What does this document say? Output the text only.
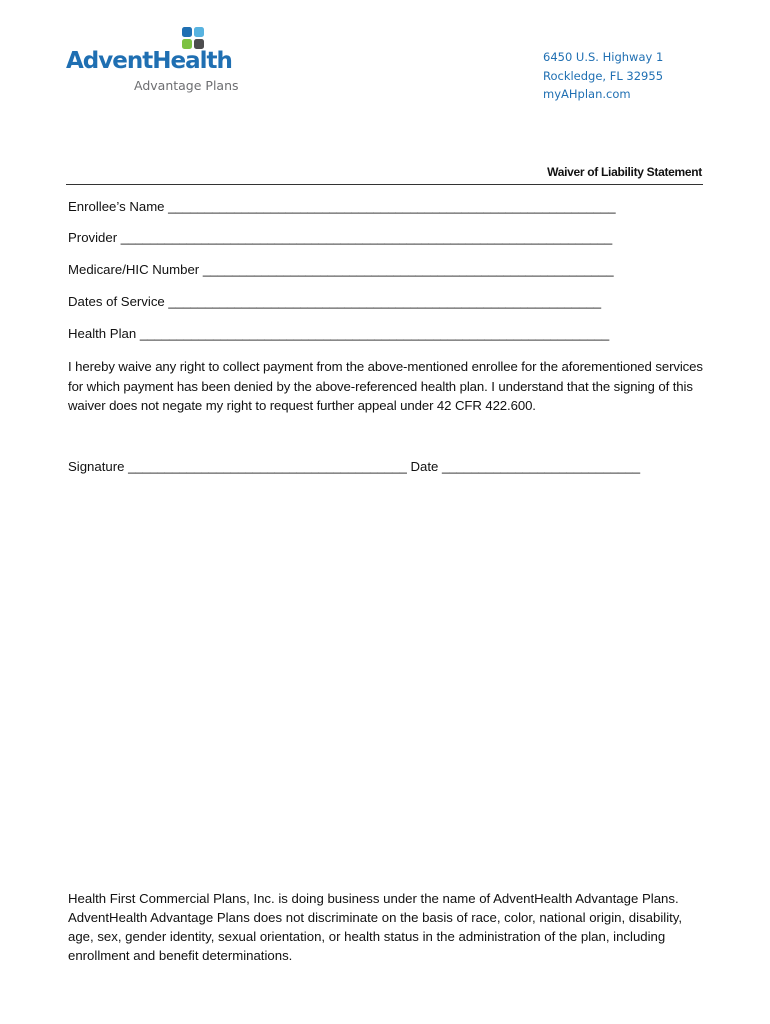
AdventHealth
Advantage Plans
6450 U.S. Highway 1
Rockledge, FL 32955
myAHplan.com
Waiver of Liability Statement
Enrollee’s Name _____________________________________________________________
Provider ___________________________________________________________________
Medicare/HIC Number ________________________________________________________
Dates of Service ___________________________________________________________
Health Plan ________________________________________________________________
I hereby waive any right to collect payment from the above-mentioned enrollee for the aforementioned services for which payment has been denied by the above-referenced health plan. I understand that the signing of this waiver does not negate my right to request further appeal under 42 CFR 422.600.
Signature ______________________________________ Date ___________________________
Health First Commercial Plans, Inc. is doing business under the name of AdventHealth Advantage Plans. AdventHealth Advantage Plans does not discriminate on the basis of race, color, national origin, disability, age, sex, gender identity, sexual orientation, or health status in the administration of the plan, including enrollment and benefit determinations.
